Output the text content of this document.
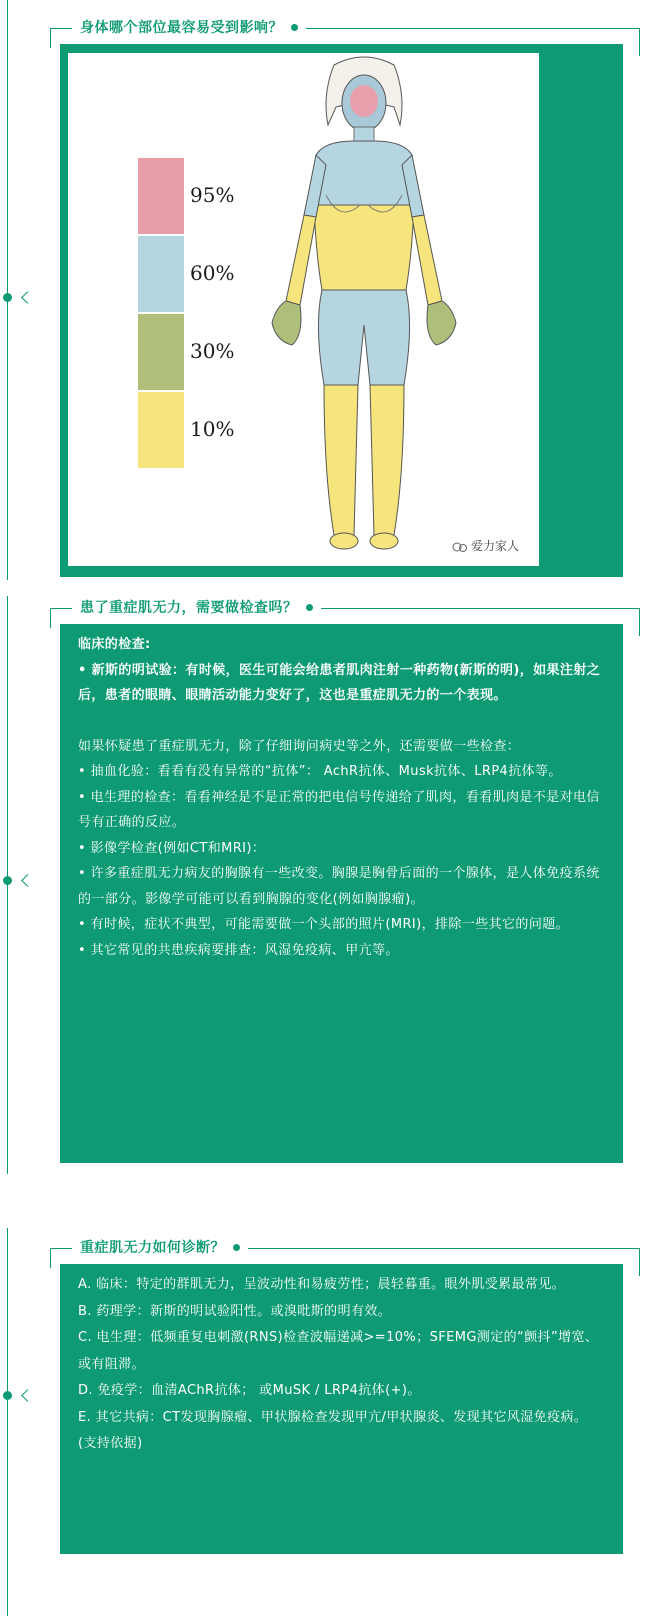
身体哪个部位最容易受到影响？
95%
60%
30%
10%
爱力家人
患了重症肌无力，需要做检查吗？

临床的检查:

• 新斯的明试验：有时候，医生可能会给患者肌肉注射一种药物(新斯的明)，如果注射之后，患者的眼睛、眼睛活动能力变好了，这也是重症肌无力的一个表现。

如果怀疑患了重症肌无力，除了仔细询问病史等之外，还需要做一些检查：

• 抽血化验：看看有没有异常的“抗体”： AchR抗体、Musk抗体、LRP4抗体等。

• 电生理的检查：看看神经是不是正常的把电信号传递给了肌肉，看看肌肉是不是对电信号有正确的反应。

• 影像学检查(例如CT和MRI)：

• 许多重症肌无力病友的胸腺有一些改变。胸腺是胸骨后面的一个腺体，是人体免疫系统的一部分。影像学可能可以看到胸腺的变化(例如胸腺瘤)。

• 有时候，症状不典型，可能需要做一个头部的照片(MRI)，排除一些其它的问题。

• 其它常见的共患疾病要排查：风湿免疫病、甲亢等。

重症肌无力如何诊断？

A. 临床：特定的群肌无力，呈波动性和易疲劳性；晨轻暮重。眼外肌受累最常见。

B. 药理学：新斯的明试验阳性。或溴吡斯的明有效。

C. 电生理：低频重复电刺激(RNS)检查波幅递减>=10%；SFEMG测定的“颤抖”增宽、或有阻滞。

D. 免疫学：血清AChR抗体； 或MuSK / LRP4抗体(+)。

E. 其它共病：CT发现胸腺瘤、甲状腺检查发现甲亢/甲状腺炎、发现其它风湿免疫病。(支持依据)
